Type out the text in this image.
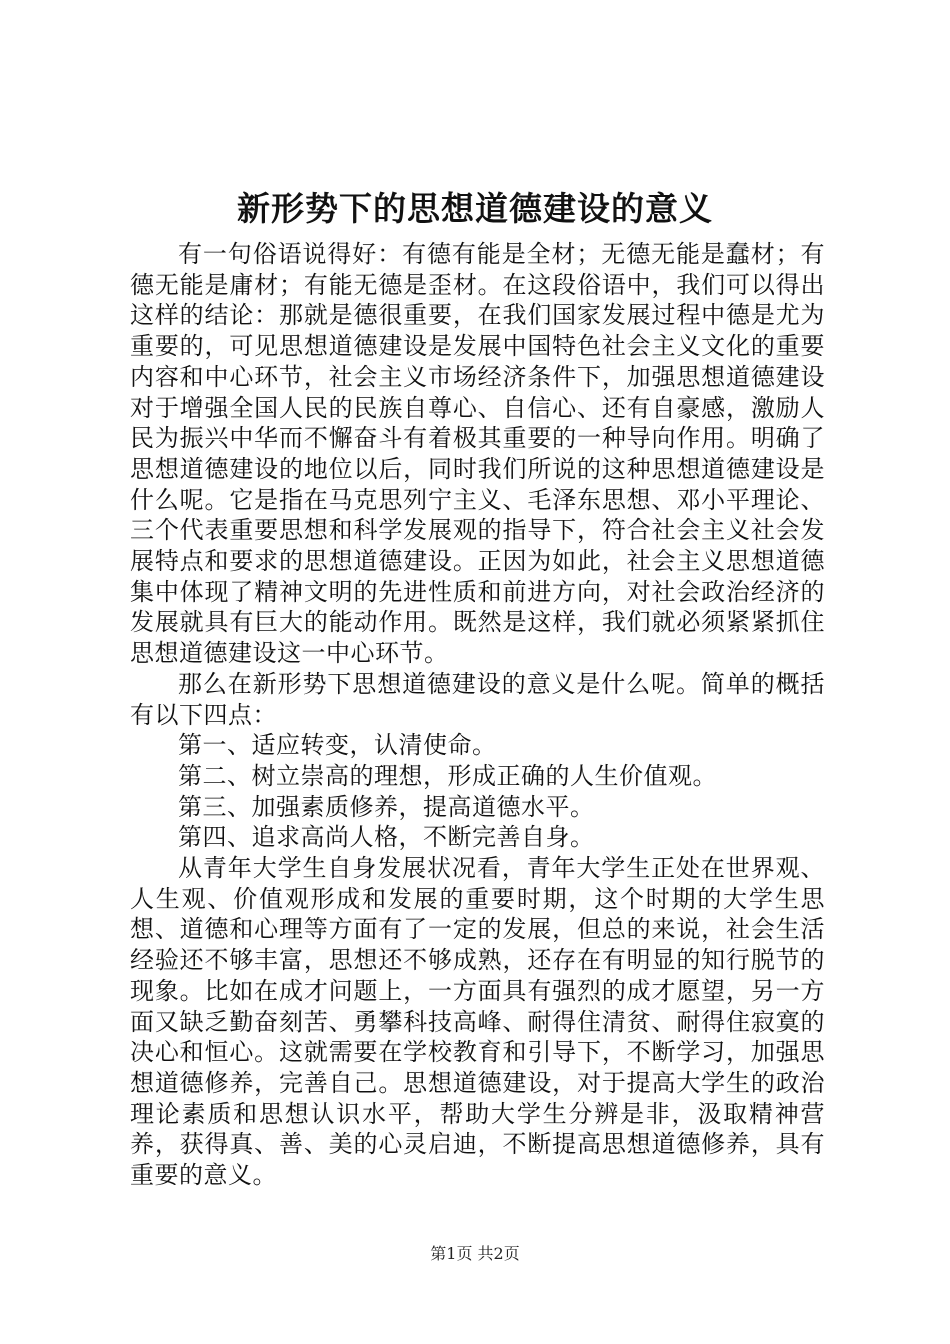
新形势下的思想道德建设的意义

有一句俗语说得好：有德有能是全材；无德无能是蠢材；有德无能是庸材；有能无德是歪材。在这段俗语中，我们可以得出这样的结论：那就是德很重要，在我们国家发展过程中德是尤为重要的，可见思想道德建设是发展中国特色社会主义文化的重要内容和中心环节，社会主义市场经济条件下，加强思想道德建设对于增强全国人民的民族自尊心、自信心、还有自豪感，激励人民为振兴中华而不懈奋斗有着极其重要的一种导向作用。明确了思想道德建设的地位以后，同时我们所说的这种思想道德建设是什么呢。它是指在马克思列宁主义、毛泽东思想、邓小平理论、三个代表重要思想和科学发展观的指导下，符合社会主义社会发展特点和要求的思想道德建设。正因为如此，社会主义思想道德集中体现了精神文明的先进性质和前进方向，对社会政治经济的发展就具有巨大的能动作用。既然是这样，我们就必须紧紧抓住思想道德建设这一中心环节。

那么在新形势下思想道德建设的意义是什么呢。简单的概括有以下四点：

第一、适应转变，认清使命。

第二、树立崇高的理想，形成正确的人生价值观。

第三、加强素质修养，提高道德水平。

第四、追求高尚人格，不断完善自身。

从青年大学生自身发展状况看，青年大学生正处在世界观、人生观、价值观形成和发展的重要时期，这个时期的大学生思想、道德和心理等方面有了一定的发展，但总的来说，社会生活经验还不够丰富，思想还不够成熟，还存在有明显的知行脱节的现象。比如在成才问题上，一方面具有强烈的成才愿望，另一方面又缺乏勤奋刻苦、勇攀科技高峰、耐得住清贫、耐得住寂寞的决心和恒心。这就需要在学校教育和引导下，不断学习，加强思想道德修养，完善自己。思想道德建设，对于提高大学生的政治理论素质和思想认识水平，帮助大学生分辨是非，汲取精神营养，获得真、善、美的心灵启迪，不断提高思想道德修养，具有重要的意义。

第1页 共2页
